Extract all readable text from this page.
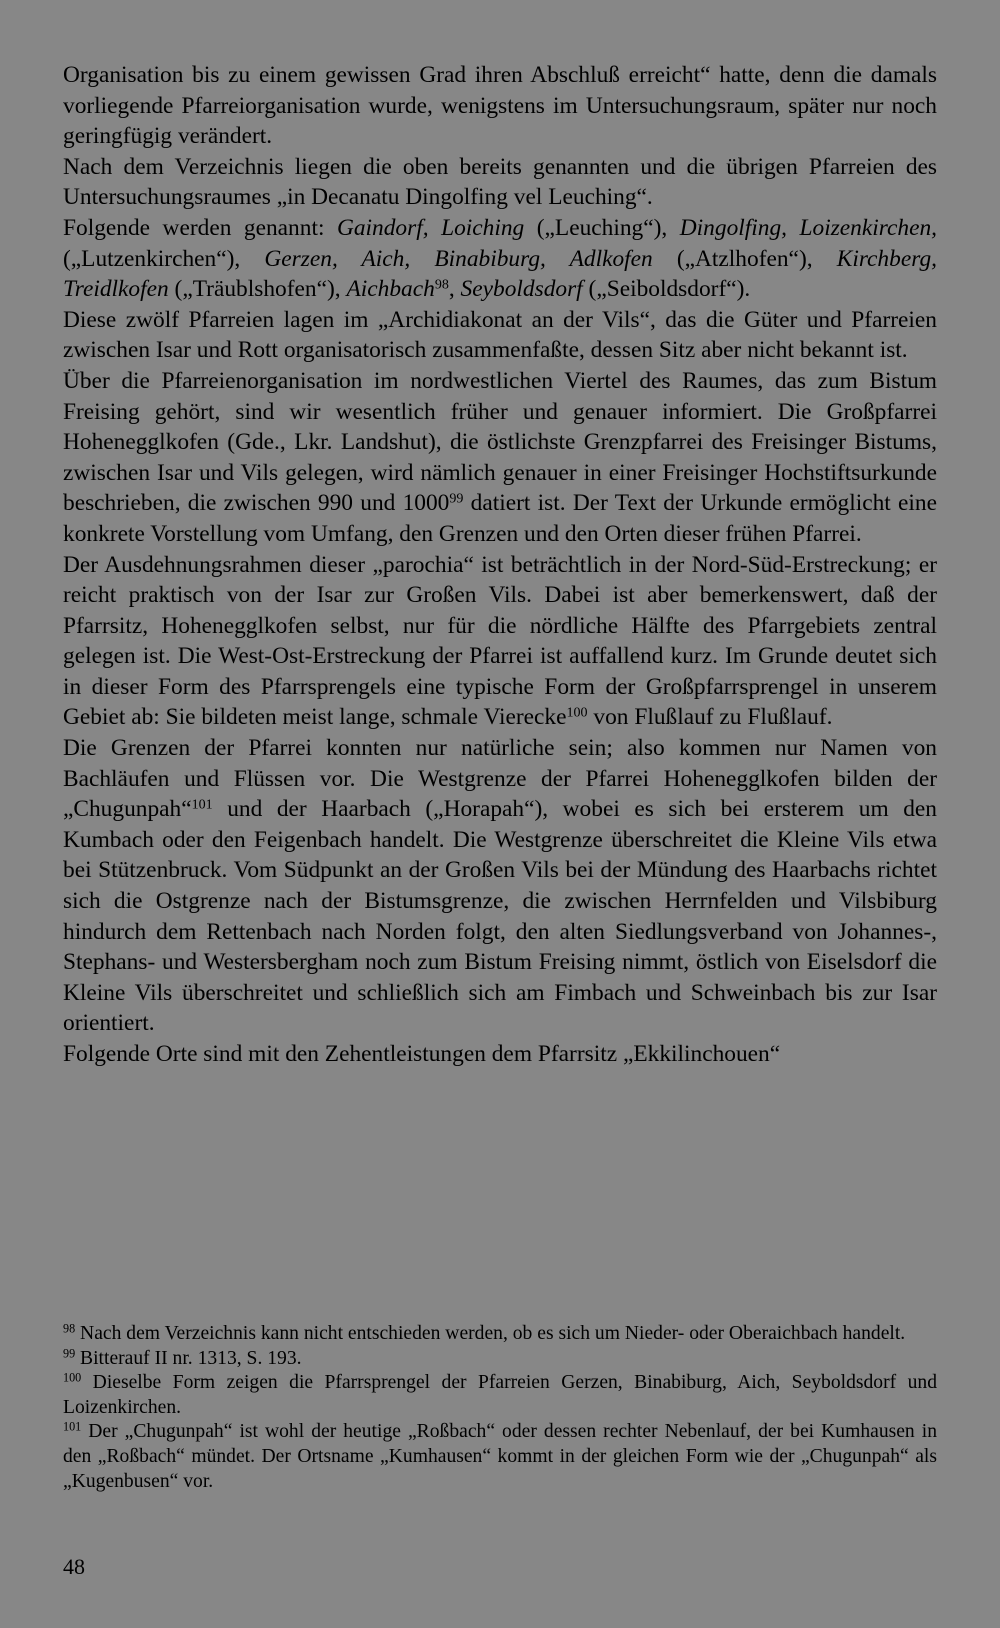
Organisation bis zu einem gewissen Grad ihren Abschluß erreicht“ hatte, denn die damals vorliegende Pfarreiorganisation wurde, wenigstens im Untersuchungsraum, später nur noch geringfügig verändert.

Nach dem Verzeichnis liegen die oben bereits genannten und die übrigen Pfarreien des Untersuchungsraumes „in Decanatu Dingolfing vel Leuching“.

Folgende werden genannt: Gaindorf, Loiching („Leuching“), Dingolfing, Loizenkirchen, („Lutzenkirchen“), Gerzen, Aich, Binabiburg, Adlkofen („Atzlhofen“), Kirchberg, Treidlkofen („Träublshofen“), Aichbach$^{98}$, Seyboldsdorf („Seiboldsdorf“).

Diese zwölf Pfarreien lagen im „Archidiakonat an der Vils“, das die Güter und Pfarreien zwischen Isar und Rott organisatorisch zusammenfaßte, dessen Sitz aber nicht bekannt ist.

Über die Pfarreienorganisation im nordwestlichen Viertel des Raumes, das zum Bistum Freising gehört, sind wir wesentlich früher und genauer informiert. Die Großpfarrei Hohenegglkofen (Gde., Lkr. Landshut), die östlichste Grenzpfarrei des Freisinger Bistums, zwischen Isar und Vils gelegen, wird nämlich genauer in einer Freisinger Hochstiftsurkunde beschrieben, die zwischen 990 und 1000$^{99}$ datiert ist. Der Text der Urkunde ermöglicht eine konkrete Vorstellung vom Umfang, den Grenzen und den Orten dieser frühen Pfarrei.

Der Ausdehnungsrahmen dieser „parochia“ ist beträchtlich in der Nord-Süd-Erstreckung; er reicht praktisch von der Isar zur Großen Vils. Dabei ist aber bemerkenswert, daß der Pfarrsitz, Hohenegglkofen selbst, nur für die nördliche Hälfte des Pfarrgebiets zentral gelegen ist. Die West-Ost-Erstreckung der Pfarrei ist auffallend kurz. Im Grunde deutet sich in dieser Form des Pfarrsprengels eine typische Form der Großpfarrsprengel in unserem Gebiet ab: Sie bildeten meist lange, schmale Vierecke$^{100}$ von Flußlauf zu Flußlauf.

Die Grenzen der Pfarrei konnten nur natürliche sein; also kommen nur Namen von Bachläufen und Flüssen vor. Die Westgrenze der Pfarrei Hohenegglkofen bilden der „Chugunpah“$^{101}$ und der Haarbach („Horapah“), wobei es sich bei ersterem um den Kumbach oder den Feigenbach handelt. Die Westgrenze überschreitet die Kleine Vils etwa bei Stützenbruck. Vom Südpunkt an der Großen Vils bei der Mündung des Haarbachs richtet sich die Ostgrenze nach der Bistumsgrenze, die zwischen Herrnfelden und Vilsbiburg hindurch dem Rettenbach nach Norden folgt, den alten Siedlungsverband von Johannes-, Stephans- und Westersbergham noch zum Bistum Freising nimmt, östlich von Eiselsdorf die Kleine Vils überschreitet und schließlich sich am Fimbach und Schweinbach bis zur Isar orientiert.

Folgende Orte sind mit den Zehentleistungen dem Pfarrsitz „Ekkilinchouen“

$^{98}$ Nach dem Verzeichnis kann nicht entschieden werden, ob es sich um Nieder- oder Oberaichbach handelt.

$^{99}$ Bitterauf II nr. 1313, S. 193.

$^{100}$ Dieselbe Form zeigen die Pfarrsprengel der Pfarreien Gerzen, Binabiburg, Aich, Seyboldsdorf und Loizenkirchen.

$^{101}$ Der „Chugunpah“ ist wohl der heutige „Roßbach“ oder dessen rechter Nebenlauf, der bei Kumhausen in den „Roßbach“ mündet. Der Ortsname „Kumhausen“ kommt in der gleichen Form wie der „Chugunpah“ als „Kugenbusen“ vor.

48
